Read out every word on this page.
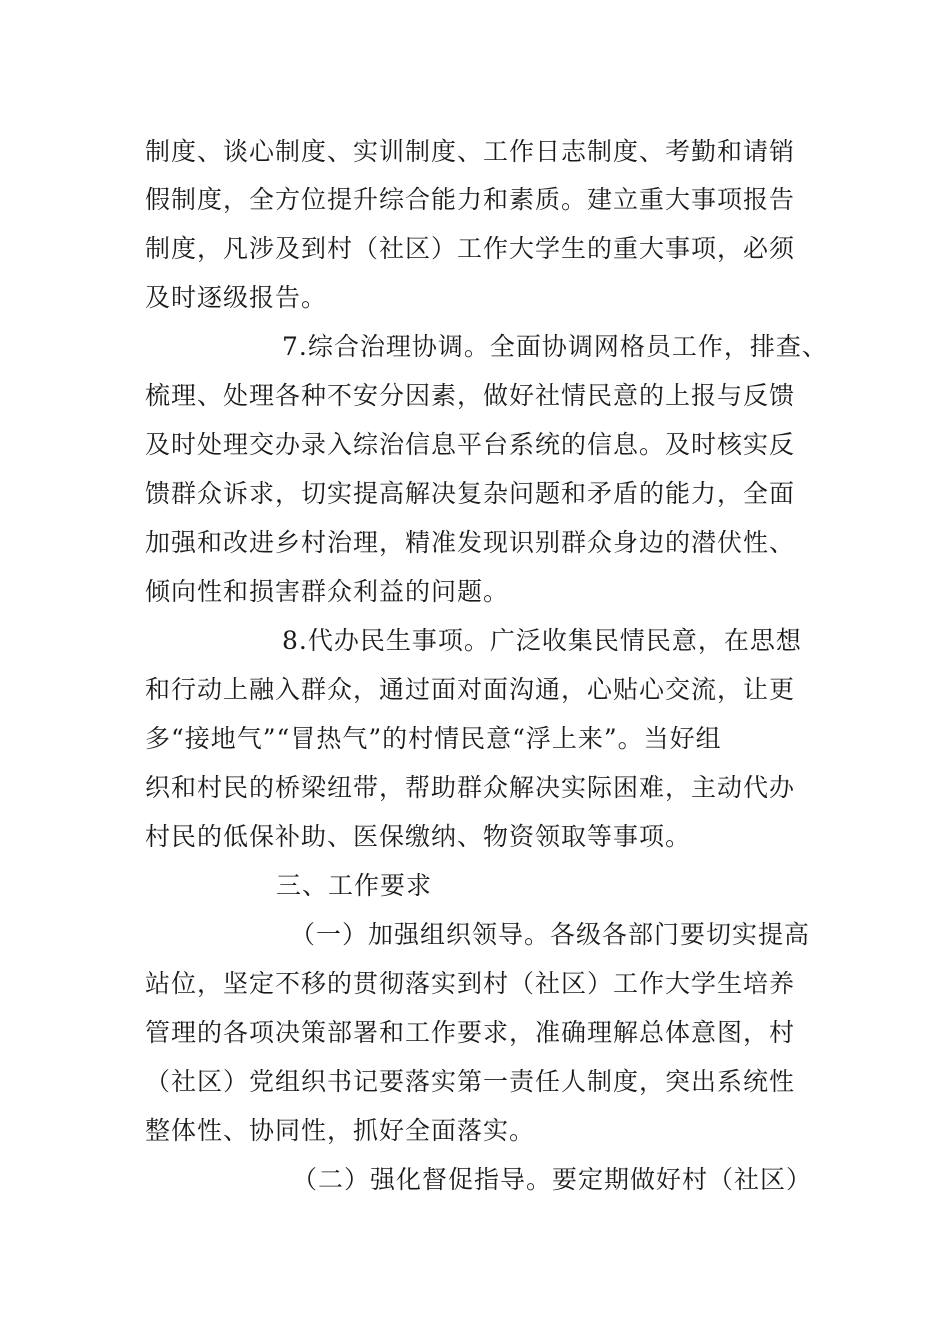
制度、谈心制度、实训制度、工作日志制度、考勤和请销
假制度，全方位提升综合能力和素质。建立重大事项报告
制度，凡涉及到村（社区）工作大学生的重大事项，必须
及时逐级报告。
7.综合治理协调。全面协调网格员工作，排查、
梳理、处理各种不安分因素，做好社情民意的上报与反馈
及时处理交办录入综治信息平台系统的信息。及时核实反
馈群众诉求，切实提高解决复杂问题和矛盾的能力，全面
加强和改进乡村治理，精准发现识别群众身边的潜伏性、
倾向性和损害群众利益的问题。
8.代办民生事项。广泛收集民情民意，在思想
和行动上融入群众，通过面对面沟通，心贴心交流，让更
多“接地气”“冒热气”的村情民意“浮上来”。当好组
织和村民的桥梁纽带，帮助群众解决实际困难，主动代办
村民的低保补助、医保缴纳、物资领取等事项。
三、工作要求
（一）加强组织领导。各级各部门要切实提高
站位，坚定不移的贯彻落实到村（社区）工作大学生培养
管理的各项决策部署和工作要求，准确理解总体意图，村
（社区）党组织书记要落实第一责任人制度，突出系统性
整体性、协同性，抓好全面落实。
（二）强化督促指导。要定期做好村（社区）
